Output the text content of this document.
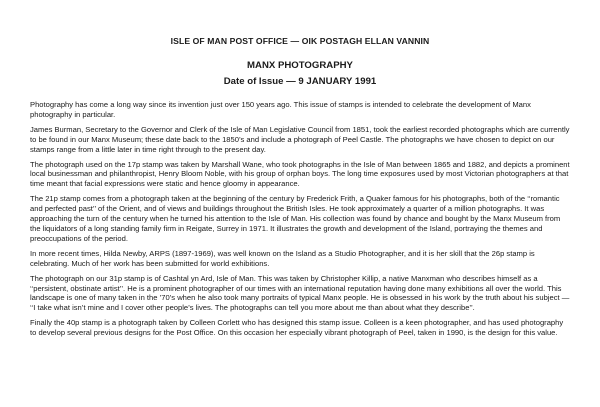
ISLE OF MAN POST OFFICE — OIK POSTAGH ELLAN VANNIN
MANX PHOTOGRAPHY
Date of Issue — 9 JANUARY 1991

Photography has come a long way since its invention just over 150 years ago. This issue of stamps is intended to celebrate the development of Manx photography in particular.

James Burman, Secretary to the Governor and Clerk of the Isle of Man Legislative Council from 1851, took the earliest recorded photographs which are currently to be found in our Manx Museum; these date back to the 1850’s and include a photograph of Peel Castle. The photographs we have chosen to depict on our stamps range from a little later in time right through to the present day.

The photograph used on the 17p stamp was taken by Marshall Wane, who took photographs in the Isle of Man between 1865 and 1882, and depicts a prominent local businessman and philanthropist, Henry Bloom Noble, with his group of orphan boys. The long time exposures used by most Victorian photographers at that time meant that facial expressions were static and hence gloomy in appearance.

The 21p stamp comes from a photograph taken at the beginning of the century by Frederick Frith, a Quaker famous for his photographs, both of the ‘‘romantic and perfected past’’ of the Orient, and of views and buildings throughout the British Isles. He took approximately a quarter of a million photographs. It was approaching the turn of the century when he turned his attention to the Isle of Man. His collection was found by chance and bought by the Manx Museum from the liquidators of a long standing family firm in Reigate, Surrey in 1971. It illustrates the growth and development of the Island, portraying the themes and preoccupations of the period.

In more recent times, Hilda Newby, ARPS (1897-1969), was well known on the Island as a Studio Photographer, and it is her skill that the 26p stamp is celebrating. Much of her work has been submitted for world exhibitions.

The photograph on our 31p stamp is of Cashtal yn Ard, Isle of Man. This was taken by Christopher Killip, a native Manxman who describes himself as a ‘‘persistent, obstinate artist’’. He is a prominent photographer of our times with an international reputation having done many exhibitions all over the world. This landscape is one of many taken in the ’70’s when he also took many portraits of typical Manx people. He is obsessed in his work by the truth about his subject — ‘‘I take what isn’t mine and I cover other people’s lives. The photographs can tell you more about me than about what they describe’’.

Finally the 40p stamp is a photograph taken by Colleen Corlett who has designed this stamp issue. Colleen is a keen photographer, and has used photography to develop several previous designs for the Post Office. On this occasion her especially vibrant photograph of Peel, taken in 1990, is the design for this value.
